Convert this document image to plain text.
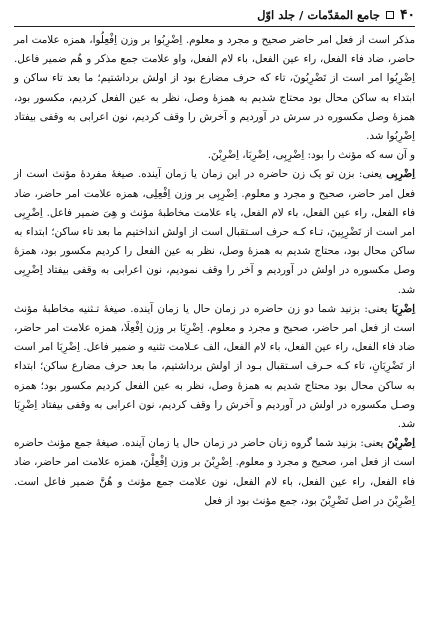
۴۰
جامع المقدّمات / جلد اوّل

مذکر است از فعل امر حاضر صحیح و مجرد و معلوم. اِضْرِبُوا بر وزن اِفْعِلُوا، همزه علامت امر حاضر، ضاد فاء الفعل، راء عین الفعل، باء لام الفعل، واو علامت جمع مذکر و هُم ضمیر فاعل. اِضْرِبُوا امر است از تَضْرِبُونَ، تاء که حرف مضارع بود از اولش برداشتیم؛ ما بعد تاء ساکن و ابتداء به ساکن محال بود محتاج شدیم به همزهٔ وصل، نظر به عین الفعل کردیم، مکسور بود، همزهٔ وصل مکسوره در سرش در آوردیم و آخرش را وقف کردیم، نون اعرابی به وقفی بیفتاد اِضْرِبُوا شد.

و آن سه که مؤنث را بود: اِضْرِبِی، اِضْرِبَا، اِضْرِبْنَ.

اِضْرِبِی یعنی: بزن تو یک زن حاضره در این زمان یا زمان آینده. صیغهٔ مفردهٔ مؤنث است از فعل امر حاضر، صحیح و مجرد و معلوم. اِضْرِبِی بر وزن اِفْعِلِی، همزه علامت امر حاضر، ضاد فاء الفعل، راء عین الفعل، باء لام الفعل، یاء علامت مخاطبهٔ مؤنث و هِیَ ضمیر فاعل. اِضْرِبِی امر است از تَضْرِبِینَ، تـاء کـه حرف اسـتقبال است از اولش انداختیم ما بعد تاء ساکن؛ ابتداء به ساکن محال بود، محتاج شدیم به همزهٔ وصل، نظر به عین الفعل را کردیم مکسور بود، همزهٔ وصل مکسوره در اولش در آوردیم و آخر را وقف نمودیم، نون اعرابی به وقفی بیفتاد اِضْرِبِی شد.

اِضْرِبَا یعنی: بزنید شما دو زن حاضره در زمان حال یا زمان آینده. صیغهٔ تـثنیه مخاطبهٔ مؤنث است از فعل امر حاضر، صحیح و مجرد و معلوم. اِضْرِبَا بر وزن اِفْعِلَا، همزه علامت امر حاضر، ضاد فاء الفعل، راء عین الفعل، باء لام الفعل، الف عـلامت تثنیه و ضمیر فاعل. اِضْرِبَا امر است از تَضْرِبَانِ، تاء کـه حـرف اسـتقبال بـود از اولش برداشتیم، ما بعد حرف مضارع ساکن؛ ابتداء به ساکن محال بود محتاج شدیم به همزهٔ وصل، نظر به عین الفعل کردیم مکسور بود؛ همزه وصـل مکسوره در اولش در آوردیم و آخرش را وقف کردیم، نون اعرابی به وقفی بیفتاد اِضْرِبَا شد.

اِضْرِبْنَ یعنی: بزنید شما گروه زنان حاضر در زمان حال یا زمان آینده. صیغهٔ جمع مؤنث حاضره است از فعل امر، صحیح و مجرد و معلوم. اِضْرِبْنَ بر وزن اِفْعِلْنَ، همزه علامت امر حاضر، ضاد فاء الفعل، راء عین الفعل، باء لام الفعل، نون علامت جمع مؤنث و هُنَّ ضمیر فاعل است. اِضْرِبْنَ در اصل تَضْرِبْنَ بود، جمع مؤنث بود از فعل
